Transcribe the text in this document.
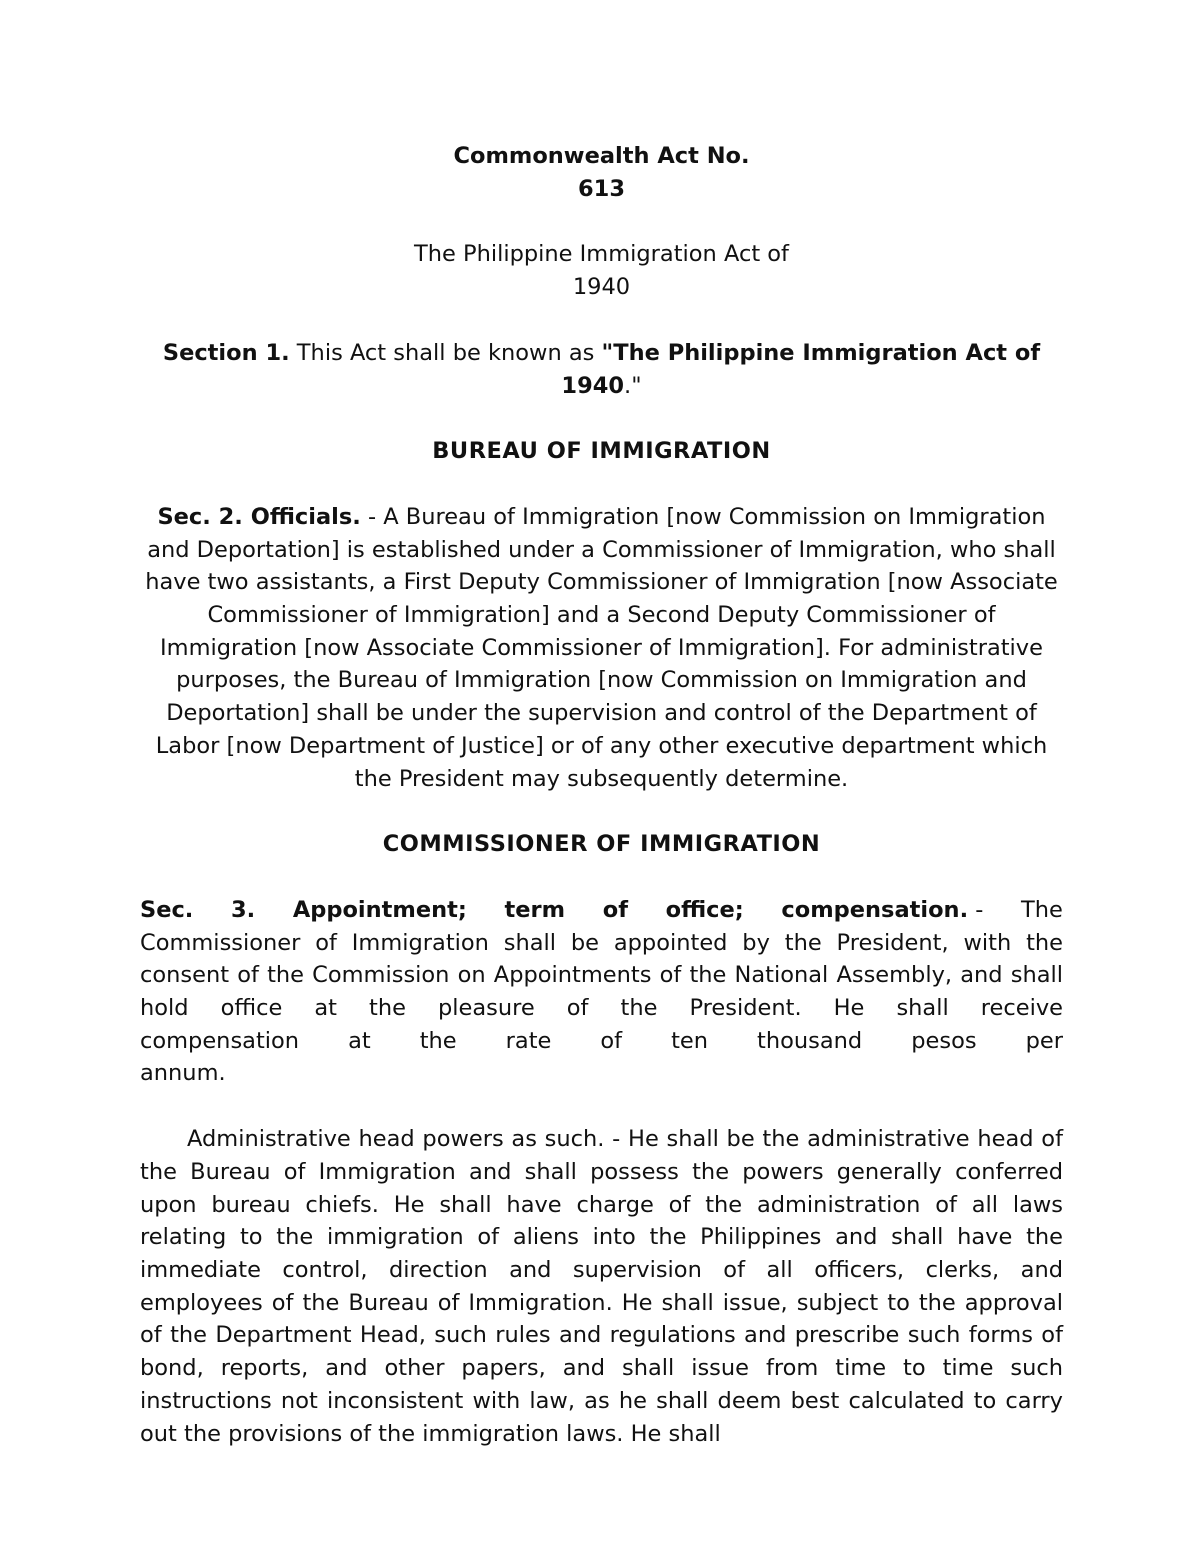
Commonwealth Act No.
613
The Philippine Immigration Act of
1940

Section 1. This Act shall be known as "The Philippine Immigration Act of 1940."

BUREAU OF IMMIGRATION

Sec. 2. Officials. - A Bureau of Immigration [now Commission on Immigration and Deportation] is established under a Commissioner of Immigration, who shall have two assistants, a First Deputy Commissioner of Immigration [now Associate Commissioner of Immigration] and a Second Deputy Commissioner of Immigration [now Associate Commissioner of Immigration]. For administrative purposes, the Bureau of Immigration [now Commission on Immigration and Deportation] shall be under the supervision and control of the Department of Labor [now Department of Justice] or of any other executive department which the President may subsequently determine.

COMMISSIONER OF IMMIGRATION

Sec. 3. Appointment; term of office; compensation. - The

Commissioner of Immigration shall be appointed by the President, with the consent of the Commission on Appointments of the National Assembly, and shall hold office at the pleasure of the President. He shall receive

compensation at the rate of ten thousand pesos per
annum.

Administrative head powers as such. - He shall be the administrative head of the Bureau of Immigration and shall possess the powers generally conferred upon bureau chiefs. He shall have charge of the administration of all laws relating to the immigration of aliens into the Philippines and shall have the immediate control, direction and supervision of all officers, clerks, and employees of the Bureau of Immigration. He shall issue, subject to the approval of the Department Head, such rules and regulations and prescribe such forms of bond, reports, and other papers, and shall issue from time to time such instructions not inconsistent with law, as he shall deem best calculated to carry out the provisions of the immigration laws. He shall
